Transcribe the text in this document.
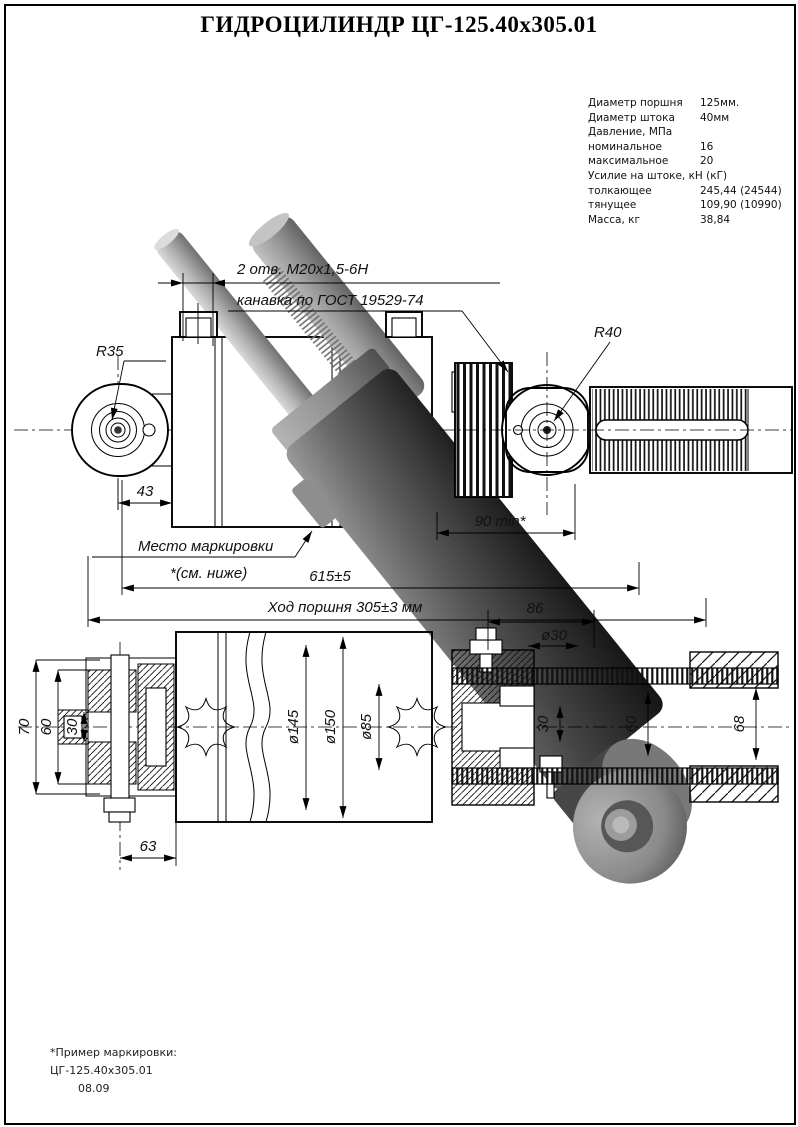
ГИДРОЦИЛИНДР ЦГ-125.40х305.01
Диаметр поршня	125мм.
Диаметр штока	40мм
Давление, МПа
номинальное	16
максимальное	20
Усилие на штоке, кН (кГ)
толкающее	245,44 (24544)
тянущее	109,90 (10990)
Масса, кг	38,84
2 отв. M20х1,5-6H
канавка по ГОСТ 19529-74
R35
R40
43
90 min*
Место маркировки
*(см. ниже)	615±5
Ход поршня 305±3 мм	86
ø30
70 60 30
63
ø145 ø150 ø85	30	60	68
*Пример маркировки:
ЦГ-125.40х305.01
08.09
